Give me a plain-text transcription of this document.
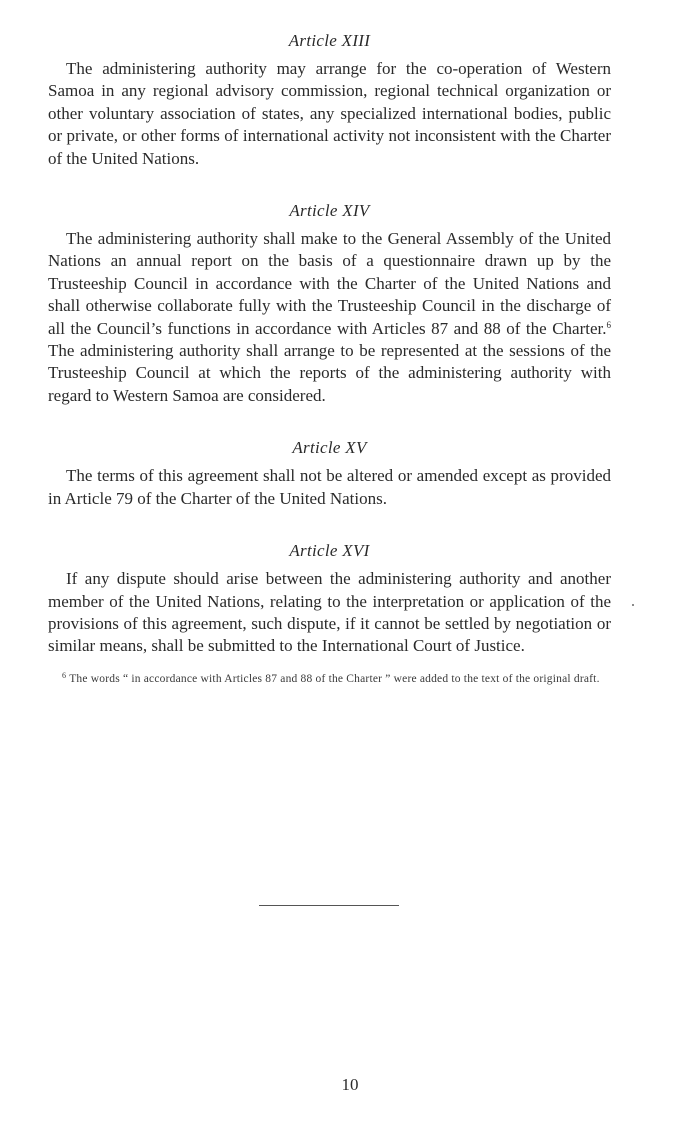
Article XIII

The administering authority may arrange for the co-operation of Western Samoa in any regional advisory commission, regional technical organization or other voluntary association of states, any specialized international bodies, public or private, or other forms of international activity not inconsistent with the Charter of the United Nations.

Article XIV

The administering authority shall make to the General Assembly of the United Nations an annual report on the basis of a questionnaire drawn up by the Trusteeship Council in accordance with the Charter of the United Nations and shall otherwise collaborate fully with the Trusteeship Council in the discharge of all the Council’s functions in accordance with Articles 87 and 88 of the Charter.$^6$ The administering authority shall arrange to be represented at the sessions of the Trusteeship Council at which the reports of the administering authority with regard to Western Samoa are considered.

Article XV

The terms of this agreement shall not be altered or amended except as provided in Article 79 of the Charter of the United Nations.

Article XVI

If any dispute should arise between the administering authority and another member of the United Nations, relating to the interpretation or application of the provisions of this agreement, such dispute, if it cannot be settled by negotiation or similar means, shall be submitted to the International Court of Justice.

$^6$ The words “ in accordance with Articles 87 and 88 of the Charter ” were added to the text of the original draft.

10
